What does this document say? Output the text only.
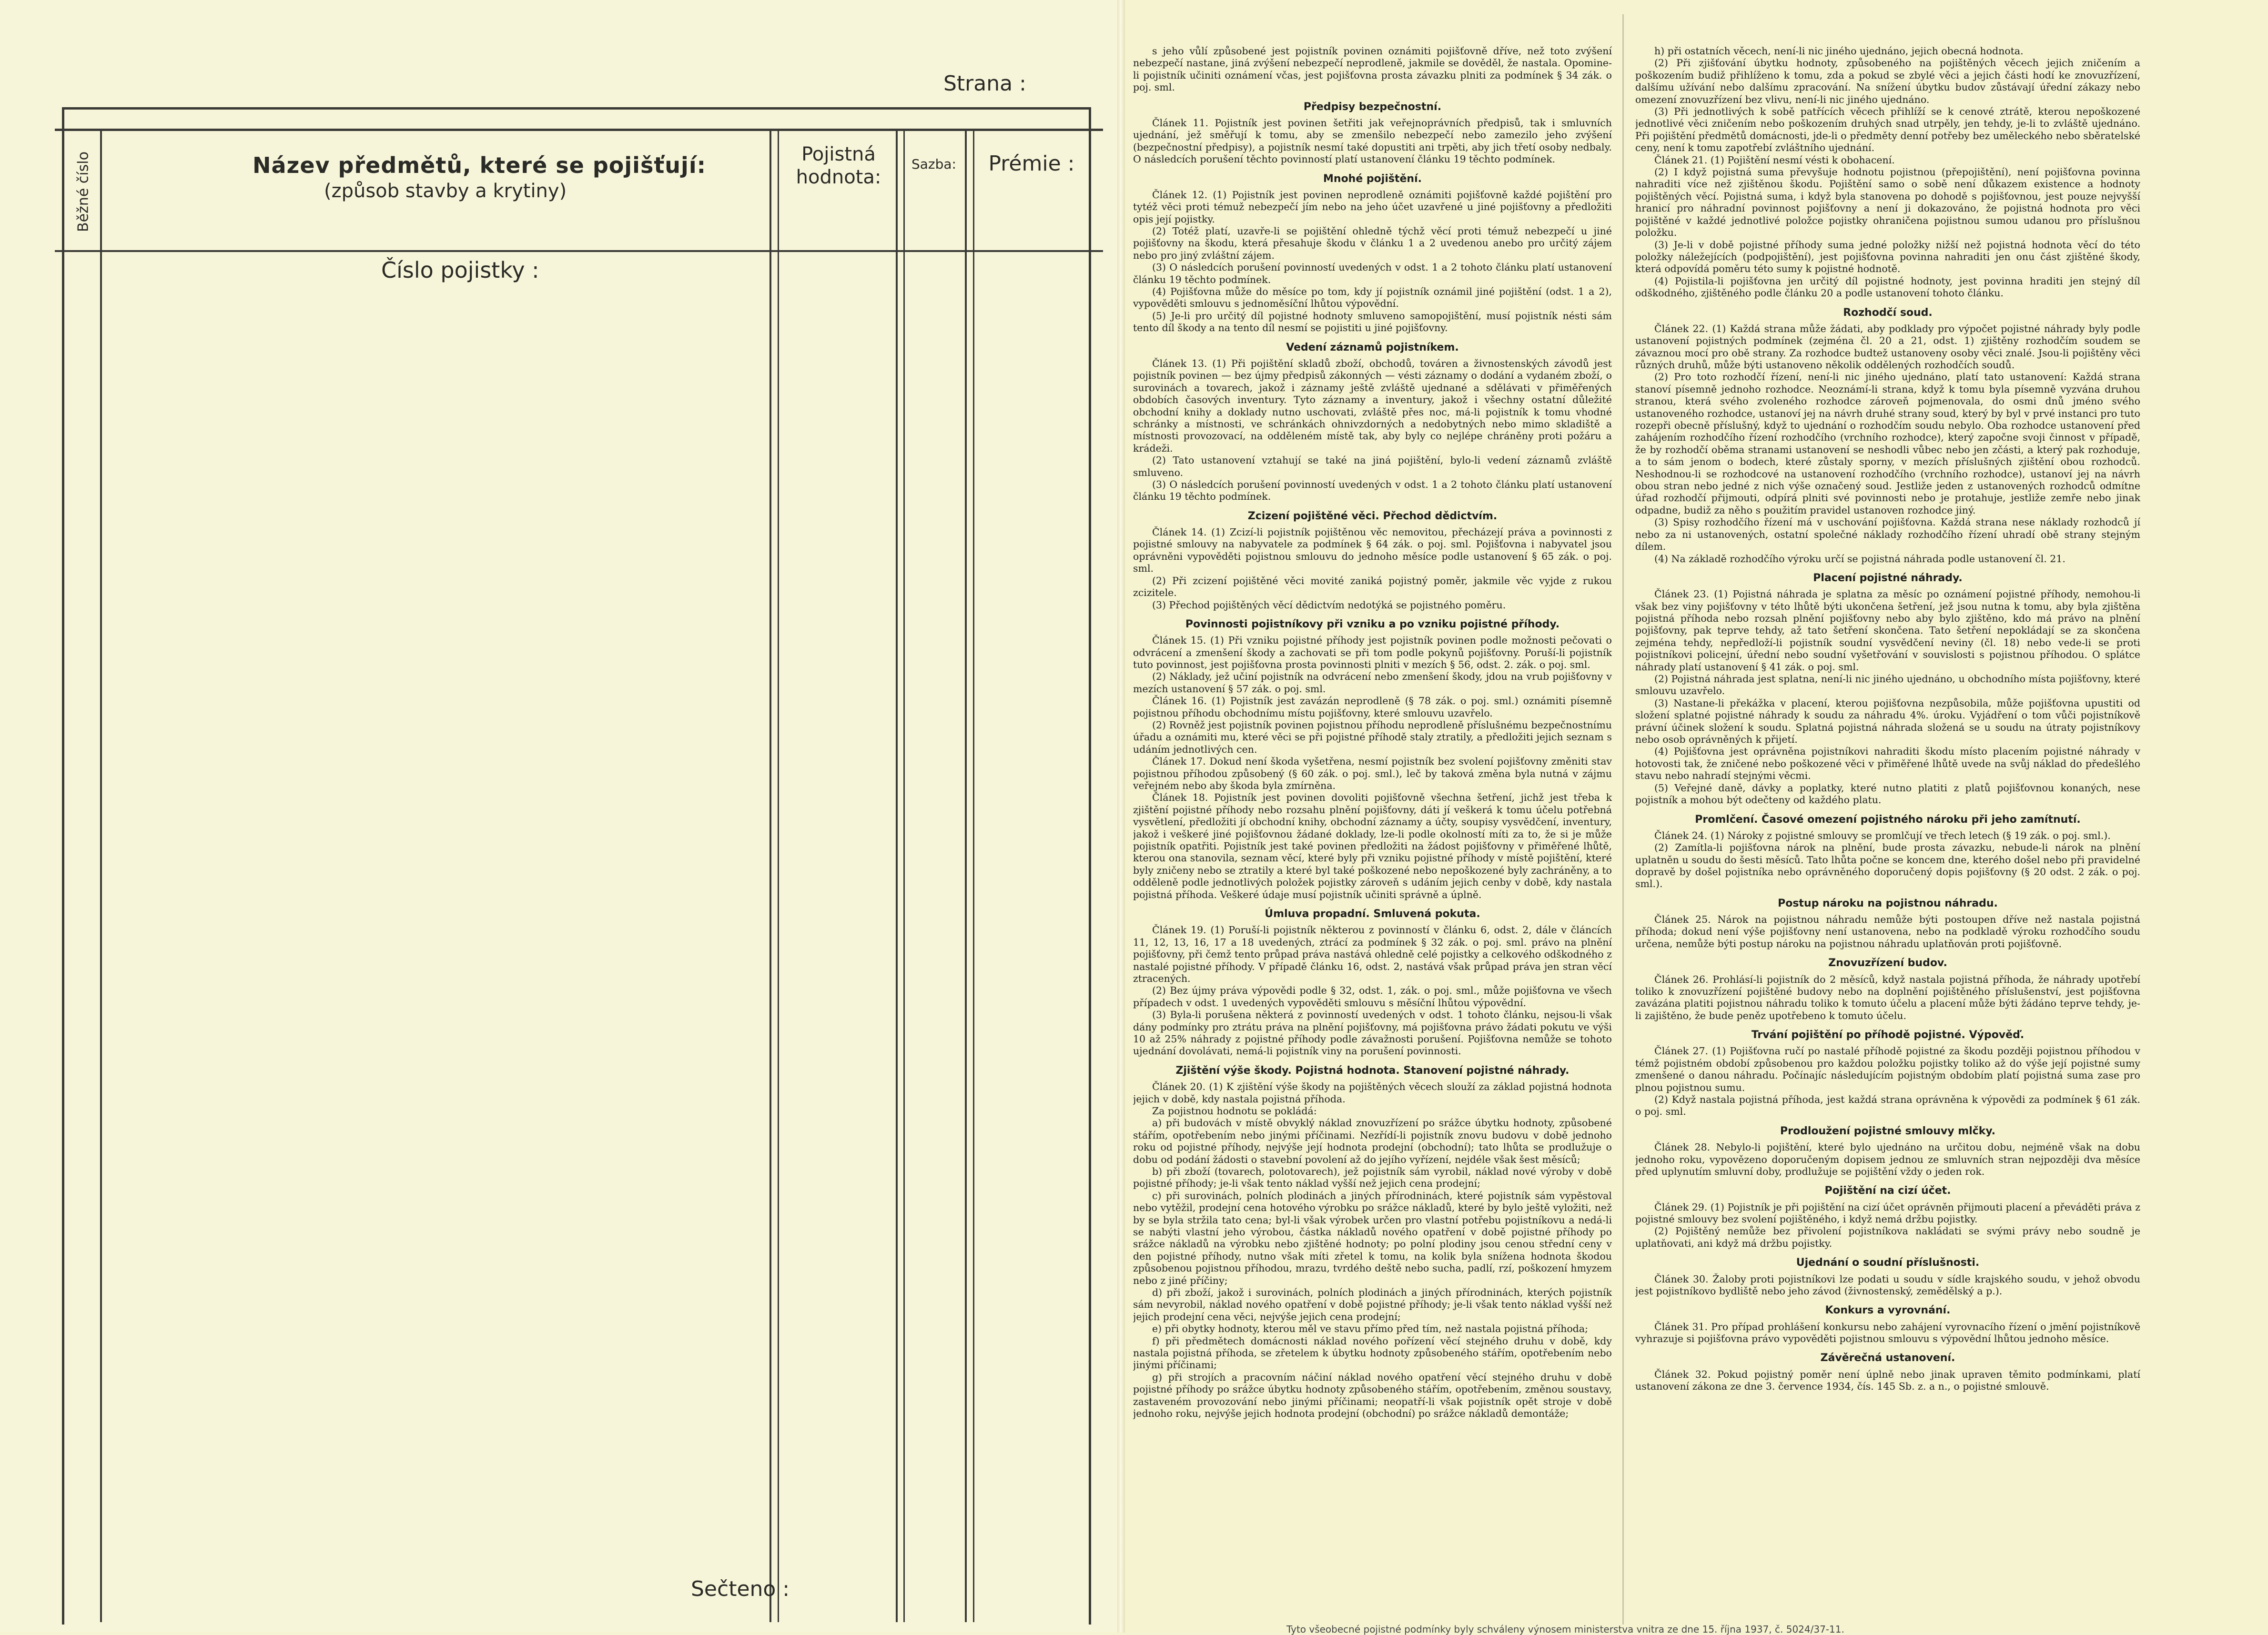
Strana :
Běžné číslo	Název předmětů, které se pojišťují:
(způsob stavby a krytiny)
Pojistná hodnota:
Sazba:	Prémie :
Číslo pojistky :
Sečteno :

s jeho vůlí způsobené jest pojistník povinen oznámiti pojišťovně dříve, než toto zvýšení nebezpečí nastane, jiná zvýšení nebezpečí neprodleně, jakmile se dověděl, že nastala. Opomine-li pojistník učiniti oznámení včas, jest pojišťovna prosta závazku plniti za podmínek § 34 zák. o poj. sml.

Předpisy bezpečnostní.

Článek 11. Pojistník jest povinen šetřiti jak veřejnoprávních předpisů, tak i smluvních ujednání, jež směřují k tomu, aby se zmenšilo nebezpečí nebo zamezilo jeho zvýšení (bezpečnostní předpisy), a pojistník nesmí také dopustiti ani trpěti, aby jich třetí osoby nedbaly. O následcích porušení těchto povinností platí ustanovení článku 19 těchto podmínek.

Mnohé pojištění.

Článek 12. (1) Pojistník jest povinen neprodleně oznámiti pojišťovně každé pojištění pro tytéž věci proti témuž nebezpečí jím nebo na jeho účet uzavřené u jiné pojišťovny a předložiti opis její pojistky.

(2) Totéž platí, uzavře-li se pojištění ohledně týchž věcí proti témuž nebezpečí u jiné pojišťovny na škodu, která přesahuje škodu v článku 1 a 2 uvedenou anebo pro určitý zájem nebo pro jiný zvláštní zájem.

(3) O následcích porušení povinností uvedených v odst. 1 a 2 tohoto článku platí ustanovení článku 19 těchto podmínek.

(4) Pojišťovna může do měsíce po tom, kdy jí pojistník oznámil jiné pojištění (odst. 1 a 2), vypověděti smlouvu s jednoměsíční lhůtou výpovědní.

(5) Je-li pro určitý díl pojistné hodnoty smluveno samopojištění, musí pojistník nésti sám tento díl škody a na tento díl nesmí se pojistiti u jiné pojišťovny.

Vedení záznamů pojistníkem.

Článek 13. (1) Při pojištění skladů zboží, obchodů, továren a živnostenských závodů jest pojistník povinen — bez újmy předpisů zákonných — vésti záznamy o dodání a vydaném zboží, o surovinách a tovarech, jakož i záznamy ještě zvláště ujednané a sdělávati v přiměřených obdobích časových inventury. Tyto záznamy a inventury, jakož i všechny ostatní důležité obchodní knihy a doklady nutno uschovati, zvláště přes noc, má-li pojistník k tomu vhodné schránky a místnosti, ve schránkách ohnivzdorných a nedobytných nebo mimo skladiště a místnosti provozovací, na odděleném místě tak, aby byly co nejlépe chráněny proti požáru a krádeži.

(2) Tato ustanovení vztahují se také na jiná pojištění, bylo-li vedení záznamů zvláště smluveno.

(3) O následcích porušení povinností uvedených v odst. 1 a 2 tohoto článku platí ustanovení článku 19 těchto podmínek.

Zcizení pojištěné věci. Přechod dědictvím.

Článek 14. (1) Zcizí-li pojistník pojištěnou věc nemovitou, přecházejí práva a povinnosti z pojistné smlouvy na nabyvatele za podmínek § 64 zák. o poj. sml. Pojišťovna i nabyvatel jsou oprávněni vypověděti pojistnou smlouvu do jednoho měsíce podle ustanovení § 65 zák. o poj. sml.

(2) Při zcizení pojištěné věci movité zaniká pojistný poměr, jakmile věc vyjde z rukou zcizitele.

(3) Přechod pojištěných věcí dědictvím nedotýká se pojistného poměru.

Povinnosti pojistníkovy při vzniku a po vzniku pojistné příhody.

Článek 15. (1) Při vzniku pojistné příhody jest pojistník povinen podle možnosti pečovati o odvrácení a zmenšení škody a zachovati se při tom podle pokynů pojišťovny. Poruší-li pojistník tuto povinnost, jest pojišťovna prosta povinnosti plniti v mezích § 56, odst. 2. zák. o poj. sml.

(2) Náklady, jež učiní pojistník na odvrácení nebo zmenšení škody, jdou na vrub pojišťovny v mezích ustanovení § 57 zák. o poj. sml.

Článek 16. (1) Pojistník jest zavázán neprodleně (§ 78 zák. o poj. sml.) oznámiti písemně pojistnou příhodu obchodnímu místu pojišťovny, které smlouvu uzavřelo.

(2) Rovněž jest pojistník povinen pojistnou příhodu neprodleně příslušnému bezpečnostnímu úřadu a oznámiti mu, které věci se při pojistné příhodě staly ztratily, a předložiti jejich seznam s udáním jednotlivých cen.

Článek 17. Dokud není škoda vyšetřena, nesmí pojistník bez svolení pojišťovny změniti stav pojistnou příhodou způsobený (§ 60 zák. o poj. sml.), leč by taková změna byla nutná v zájmu veřejném nebo aby škoda byla zmírněna.

Článek 18. Pojistník jest povinen dovoliti pojišťovně všechna šetření, jichž jest třeba k zjištění pojistné příhody nebo rozsahu plnění pojišťovny, dáti jí veškerá k tomu účelu potřebná vysvětlení, předložiti jí obchodní knihy, obchodní záznamy a účty, soupisy vysvědčení, inventury, jakož i veškeré jiné pojišťovnou žádané doklady, lze-li podle okolností míti za to, že si je může pojistník opatřiti. Pojistník jest také povinen předložiti na žádost pojišťovny v přiměřené lhůtě, kterou ona stanovila, seznam věcí, které byly při vzniku pojistné příhody v místě pojištění, které byly zničeny nebo se ztratily a které byl také poškozené nebo nepoškozené byly zachráněny, a to odděleně podle jednotlivých položek pojistky zároveň s udáním jejich cenby v době, kdy nastala pojistná příhoda. Veškeré údaje musí pojistník učiniti správně a úplně.

Úmluva propadní. Smluvená pokuta.

Článek 19. (1) Poruší-li pojistník některou z povinností v článku 6, odst. 2, dále v článcích 11, 12, 13, 16, 17 a 18 uvedených, ztrácí za podmínek § 32 zák. o poj. sml. právo na plnění pojišťovny, při čemž tento průpad práva nastává ohledně celé pojistky a celkového odškodného z nastalé pojistné příhody. V případě článku 16, odst. 2, nastává však průpad práva jen stran věcí ztracených.

(2) Bez újmy práva výpovědi podle § 32, odst. 1, zák. o poj. sml., může pojišťovna ve všech případech v odst. 1 uvedených vypověděti smlouvu s měsíční lhůtou výpovědní.

(3) Byla-li porušena některá z povinností uvedených v odst. 1 tohoto článku, nejsou-li však dány podmínky pro ztrátu práva na plnění pojišťovny, má pojišťovna právo žádati pokutu ve výši 10 až 25% náhrady z pojistné příhody podle závažnosti porušení. Pojišťovna nemůže se tohoto ujednání dovolávati, nemá-li pojistník viny na porušení povinnosti.

Zjištění výše škody. Pojistná hodnota. Stanovení pojistné náhrady.

Článek 20. (1) K zjištění výše škody na pojištěných věcech slouží za základ pojistná hodnota jejich v době, kdy nastala pojistná příhoda.

Za pojistnou hodnotu se pokládá:

a) při budovách v místě obvyklý náklad znovuzřízení po srážce úbytku hodnoty, způsobené stářím, opotřebením nebo jinými příčinami. Nezřídí-li pojistník znovu budovu v době jednoho roku od pojistné příhody, nejvýše její hodnota prodejní (obchodní); tato lhůta se prodlužuje o dobu od podání žádosti o stavební povolení až do jejího vyřízení, nejdéle však šest měsíců;

b) při zboží (tovarech, polotovarech), jež pojistník sám vyrobil, náklad nové výroby v době pojistné příhody; je-li však tento náklad vyšší než jejich cena prodejní;

c) při surovinách, polních plodinách a jiných přírodninách, které pojistník sám vypěstoval nebo vytěžil, prodejní cena hotového výrobku po srážce nákladů, které by bylo ještě vyložiti, než by se byla stržila tato cena; byl-li však výrobek určen pro vlastní potřebu pojistníkovu a nedá-li se nabýti vlastní jeho výrobou, částka nákladů nového opatření v době pojistné příhody po srážce nákladů na výrobku nebo zjištěné hodnoty; po polní plodiny jsou cenou střední ceny v den pojistné příhody, nutno však míti zřetel k tomu, na kolik byla snížena hodnota škodou způsobenou pojistnou příhodou, mrazu, tvrdého deště nebo sucha, padlí, rzí, poškození hmyzem nebo z jiné příčiny;

d) při zboží, jakož i surovinách, polních plodinách a jiných přírodninách, kterých pojistník sám nevyrobil, náklad nového opatření v době pojistné příhody; je-li však tento náklad vyšší než jejich prodejní cena věci, nejvýše jejich cena prodejní;

e) při obytky hodnoty, kterou měl ve stavu přímo před tím, než nastala pojistná příhoda;

f) při předmětech domácnosti náklad nového pořízení věcí stejného druhu v době, kdy nastala pojistná příhoda, se zřetelem k úbytku hodnoty způsobeného stářím, opotřebením nebo jinými příčinami;

g) při strojích a pracovním náčiní náklad nového opatření věcí stejného druhu v době pojistné příhody po srážce úbytku hodnoty způsobeného stářím, opotřebením, změnou soustavy, zastaveném provozování nebo jinými příčinami; neopatří-li však pojistník opět stroje v době jednoho roku, nejvýše jejich hodnota prodejní (obchodní) po srážce nákladů demontáže;

h) při ostatních věcech, není-li nic jiného ujednáno, jejich obecná hodnota.

(2) Při zjišťování úbytku hodnoty, způsobeného na pojištěných věcech jejich zničením a poškozením budiž přihlíženo k tomu, zda a pokud se zbylé věci a jejich části hodí ke znovuzřízení, dalšímu užívání nebo dalšímu zpracování. Na snížení úbytku budov zůstávají úřední zákazy nebo omezení znovuzřízení bez vlivu, není-li nic jiného ujednáno.

(3) Při jednotlivých k sobě patřících věcech přihlíží se k cenové ztrátě, kterou nepoškozené jednotlivé věci zničením nebo poškozením druhých snad utrpěly, jen tehdy, je-li to zvláště ujednáno. Při pojištění předmětů domácnosti, jde-li o předměty denní potřeby bez uměleckého nebo sběratelské ceny, není k tomu zapotřebí zvláštního ujednání.

Článek 21. (1) Pojištění nesmí vésti k obohacení.

(2) I když pojistná suma převyšuje hodnotu pojistnou (přepojištění), není pojišťovna povinna nahraditi více než zjištěnou škodu. Pojištění samo o sobě není důkazem existence a hodnoty pojištěných věcí. Pojistná suma, i když byla stanovena po dohodě s pojišťovnou, jest pouze nejvyšší hranicí pro náhradní povinnost pojišťovny a není ji dokazováno, že pojistná hodnota pro věci pojištěné v každé jednotlivé položce pojistky ohraničena pojistnou sumou udanou pro příslušnou položku.

(3) Je-li v době pojistné příhody suma jedné položky nižší než pojistná hodnota věcí do této položky náležejících (podpojištění), jest pojišťovna povinna nahraditi jen onu část zjištěné škody, která odpovídá poměru této sumy k pojistné hodnotě.

(4) Pojistila-li pojišťovna jen určitý díl pojistné hodnoty, jest povinna hraditi jen stejný díl odškodného, zjištěného podle článku 20 a podle ustanovení tohoto článku.

Rozhodčí soud.

Článek 22. (1) Každá strana může žádati, aby podklady pro výpočet pojistné náhrady byly podle ustanovení pojistných podmínek (zejména čl. 20 a 21, odst. 1) zjištěny rozhodčím soudem se závaznou mocí pro obě strany. Za rozhodce budtež ustanoveny osoby věci znalé. Jsou-li pojištěny věci různých druhů, může býti ustanoveno několik oddělených rozhodčích soudů.

(2) Pro toto rozhodčí řízení, není-li nic jiného ujednáno, platí tato ustanovení: Každá strana stanoví písemně jednoho rozhodce. Neoznámí-li strana, když k tomu byla písemně vyzvána druhou stranou, která svého zvoleného rozhodce zároveň pojmenovala, do osmi dnů jméno svého ustanoveného rozhodce, ustanoví jej na návrh druhé strany soud, který by byl v prvé instanci pro tuto rozepři obecně příslušný, když to ujednání o rozhodčím soudu nebylo. Oba rozhodce ustanovení před zahájením rozhodčího řízení rozhodčího (vrchního rozhodce), který započne svoji činnost v případě, že by rozhodčí oběma stranami ustanovení se neshodli vůbec nebo jen zčásti, a který pak rozhoduje, a to sám jenom o bodech, které zůstaly sporny, v mezích příslušných zjištění obou rozhodců. Neshodnou-li se rozhodcové na ustanovení rozhodčího (vrchního rozhodce), ustanoví jej na návrh obou stran nebo jedné z nich výše označený soud. Jestliže jeden z ustanovených rozhodců odmítne úřad rozhodčí přijmouti, odpírá plniti své povinnosti nebo je protahuje, jestliže zemře nebo jinak odpadne, budiž za něho s použitím pravidel ustanoven rozhodce jiný.

(3) Spisy rozhodčího řízení má v uschování pojišťovna. Každá strana nese náklady rozhodců jí nebo za ni ustanovených, ostatní společné náklady rozhodčího řízení uhradí obě strany stejným dílem.

(4) Na základě rozhodčího výroku určí se pojistná náhrada podle ustanovení čl. 21.

Placení pojistné náhrady.

Článek 23. (1) Pojistná náhrada je splatna za měsíc po oznámení pojistné příhody, nemohou-li však bez viny pojišťovny v této lhůtě býti ukončena šetření, jež jsou nutna k tomu, aby byla zjištěna pojistná příhoda nebo rozsah plnění pojišťovny nebo aby bylo zjištěno, kdo má právo na plnění pojišťovny, pak teprve tehdy, až tato šetření skončena. Tato šetření nepokládají se za skončena zejména tehdy, nepředloží-li pojistník soudní vysvědčení neviny (čl. 18) nebo vede-li se proti pojistníkovi policejní, úřední nebo soudní vyšetřování v souvislosti s pojistnou příhodou. O splátce náhrady platí ustanovení § 41 zák. o poj. sml.

(2) Pojistná náhrada jest splatna, není-li nic jiného ujednáno, u obchodního místa pojišťovny, které smlouvu uzavřelo.

(3) Nastane-li překážka v placení, kterou pojišťovna nezpůsobila, může pojišťovna upustiti od složení splatné pojistné náhrady k soudu za náhradu 4%. úroku. Vyjádření o tom vůči pojistníkově právní účinek složení k soudu. Splatná pojistná náhrada složená se u soudu na útraty pojistníkovy nebo osob oprávněných k přijetí.

(4) Pojišťovna jest oprávněna pojistníkovi nahraditi škodu místo placením pojistné náhrady v hotovosti tak, že zničené nebo poškozené věci v přiměřené lhůtě uvede na svůj náklad do předešlého stavu nebo nahradí stejnými věcmi.

(5) Veřejné daně, dávky a poplatky, které nutno platiti z platů pojišťovnou konaných, nese pojistník a mohou být odečteny od každého platu.

Promlčení. Časové omezení pojistného nároku při jeho zamítnutí.

Článek 24. (1) Nároky z pojistné smlouvy se promlčují ve třech letech (§ 19 zák. o poj. sml.).

(2) Zamítla-li pojišťovna nárok na plnění, bude prosta závazku, nebude-li nárok na plnění uplatněn u soudu do šesti měsíců. Tato lhůta počne se koncem dne, kterého došel nebo při pravidelné dopravě by došel pojistníka nebo oprávněného doporučený dopis pojišťovny (§ 20 odst. 2 zák. o poj. sml.).

Postup nároku na pojistnou náhradu.

Článek 25. Nárok na pojistnou náhradu nemůže býti postoupen dříve než nastala pojistná příhoda; dokud není výše pojišťovny není ustanovena, nebo na podkladě výroku rozhodčího soudu určena, nemůže býti postup nároku na pojistnou náhradu uplatňován proti pojišťovně.

Znovuzřízení budov.

Článek 26. Prohlásí-li pojistník do 2 měsíců, když nastala pojistná příhoda, že náhrady upotřebí toliko k znovuzřízení pojištěné budovy nebo na doplnění pojištěného příslušenství, jest pojišťovna zavázána platiti pojistnou náhradu toliko k tomuto účelu a placení může býti žádáno teprve tehdy, je-li zajištěno, že bude peněz upotřebeno k tomuto účelu.

Trvání pojištění po příhodě pojistné. Výpověď.

Článek 27. (1) Pojišťovna ručí po nastalé příhodě pojistné za škodu později pojistnou příhodou v témž pojistném období způsobenou pro každou položku pojistky toliko až do výše její pojistné sumy zmenšené o danou náhradu. Počínajíc následujícím pojistným obdobím platí pojistná suma zase pro plnou pojistnou sumu.

(2) Když nastala pojistná příhoda, jest každá strana oprávněna k výpovědi za podmínek § 61 zák. o poj. sml.

Prodloužení pojistné smlouvy mlčky.

Článek 28. Nebylo-li pojištění, které bylo ujednáno na určitou dobu, nejméně však na dobu jednoho roku, vypovězeno doporučeným dopisem jednou ze smluvních stran nejpozději dva měsíce před uplynutím smluvní doby, prodlužuje se pojištění vždy o jeden rok.

Pojištění na cizí účet.

Článek 29. (1) Pojistník je při pojištění na cizí účet oprávněn přijmouti placení a převáděti práva z pojistné smlouvy bez svolení pojištěného, i když nemá držbu pojistky.

(2) Pojištěný nemůže bez přivolení pojistníkova nakládati se svými právy nebo soudně je uplatňovati, ani když má držbu pojistky.

Ujednání o soudní příslušnosti.

Článek 30. Žaloby proti pojistníkovi lze podati u soudu v sídle krajského soudu, v jehož obvodu jest pojistníkovo bydliště nebo jeho závod (živnostenský, zemědělský a p.).

Konkurs a vyrovnání.

Článek 31. Pro případ prohlášení konkursu nebo zahájení vyrovnacího řízení o jmění pojistníkově vyhrazuje si pojišťovna právo vypověděti pojistnou smlouvu s výpovědní lhůtou jednoho měsíce.

Závěrečná ustanovení.

Článek 32. Pokud pojistný poměr není úplně nebo jinak upraven těmito podmínkami, platí ustanovení zákona ze dne 3. července 1934, čís. 145 Sb. z. a n., o pojistné smlouvě.

Tyto všeobecné pojistné podmínky byly schváleny výnosem ministerstva vnitra ze dne 15. října 1937, č. 5024/37-11.
